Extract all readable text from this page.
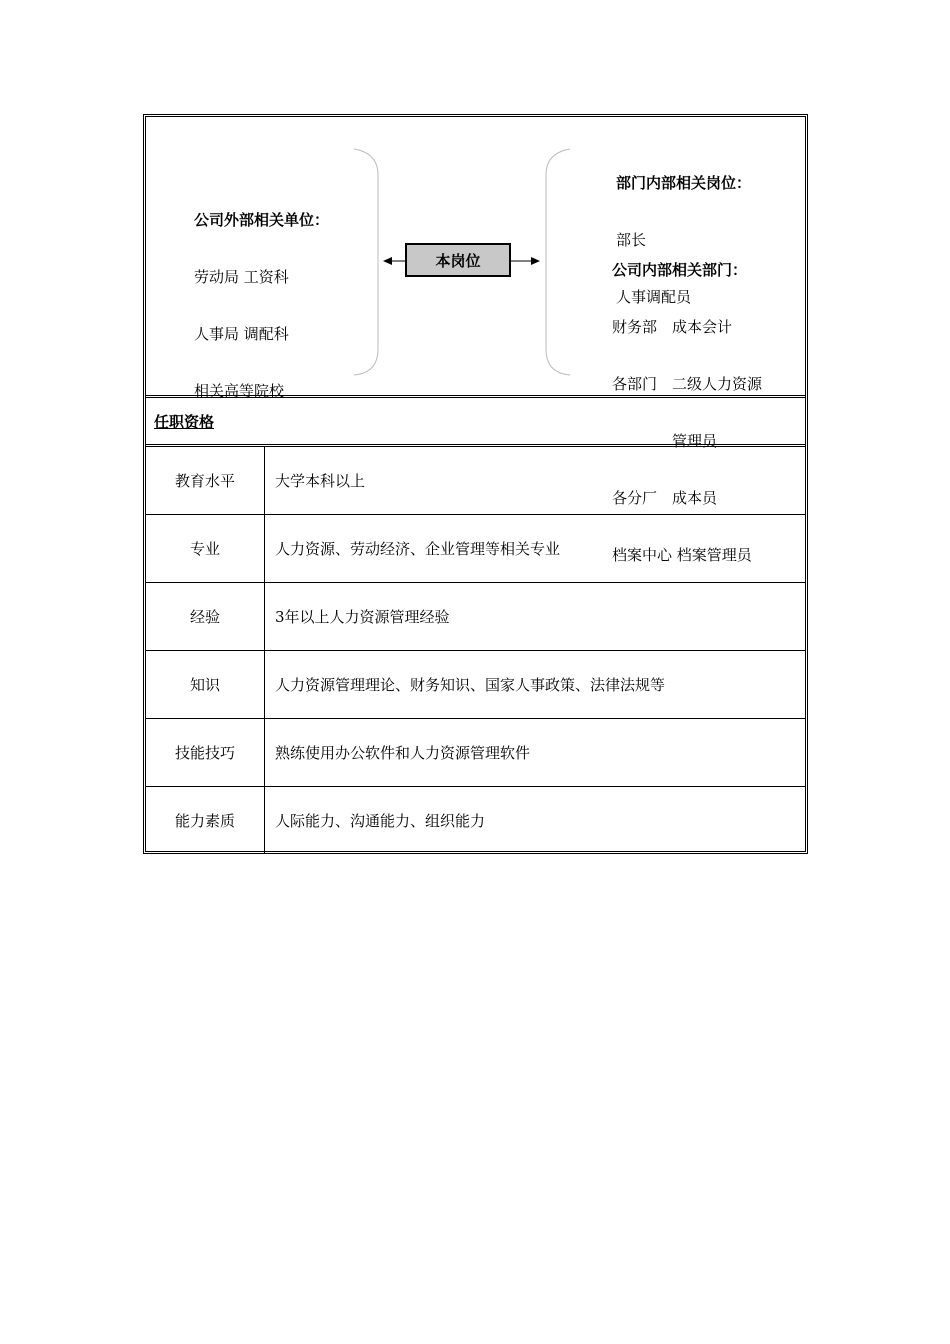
公司外部相关单位：

劳动局 工资科

人事局 调配科

相关高等院校

本岗位

部门内部相关岗位：

部长

人事调配员

公司内部相关部门：

财务部　成本会计

各部门　二级人力资源

　　　　管理员

各分厂　成本员

档案中心 档案管理员

任职资格
教育水平	大学本科以上
专业	人力资源、劳动经济、企业管理等相关专业
经验	3年以上人力资源管理经验
知识	人力资源管理理论、财务知识、国家人事政策、法律法规等
技能技巧	熟练使用办公软件和人力资源管理软件
能力素质	人际能力、沟通能力、组织能力
